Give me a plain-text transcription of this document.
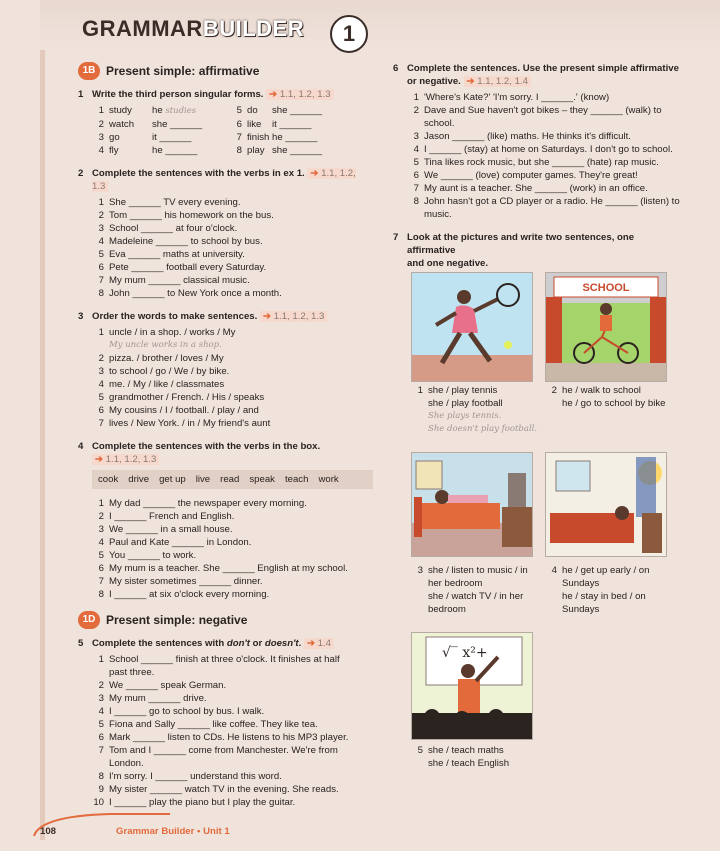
GRAMMARBUILDER	1
1B Present simple: affirmative
1 Write the third person singular forms. ➔ 1.1, 1.2, 1.3
1 study he studies	5 do she ______
2 watch she ______	6 like it ______
3 go	it ______	7 finish he ______
4 fly	he ______	8 play she ______
2 Complete the sentences with the verbs in ex 1. ➔ 1.1, 1.2, 1.3
1 She ______ TV every evening.
2 Tom ______ his homework on the bus.
3 School ______ at four o'clock.
4 Madeleine ______ to school by bus.
5 Eva ______ maths at university.
6 Pete ______ football every Saturday.
7 My mum ______ classical music.
8 John ______ to New York once a month.
3 Order the words to make sentences. ➔ 1.1, 1.2, 1.3
1 uncle / in a shop. / works / My
My uncle works in a shop.
2 pizza. / brother / loves / My
3 to school / go / We / by bike.
4 me. / My / like / classmates
5 grandmother / French. / His / speaks
6 My cousins / I / football. / play / and
7 lives / New York. / in / My friend's aunt
4 Complete the sentences with the verbs in the box.
➔ 1.1, 1.2, 1.3
cook drive get up live read speak teach work
1 My dad ______ the newspaper every morning.
2 I ______ French and English.
3 We ______ in a small house.
4 Paul and Kate ______ in London.
5 You ______ to work.
6 My mum is a teacher. She ______ English at my school.
7 My sister sometimes ______ dinner.
8 I ______ at six o'clock every morning.
1D Present simple: negative
5 Complete the sentences with don't or doesn't. ➔ 1.4
1 School ______ finish at three o'clock. It finishes at half
past three.
2 We ______ speak German.
3 My mum ______ drive.
4 I ______ go to school by bus. I walk.
5 Fiona and Sally ______ like coffee. They like tea.
6 Mark ______ listen to CDs. He listens to his MP3 player.
7 Tom and I ______ come from Manchester. We're from
London.
8 I'm sorry. I ______ understand this word.
9 My sister ______ watch TV in the evening. She reads.
10 I ______ play the piano but I play the guitar.
6 Complete the sentences. Use the present simple affirmative
or negative. ➔ 1.1, 1.2, 1.4
1 'Where's Kate?' 'I'm sorry. I ______.' (know)
2 Dave and Sue haven't got bikes – they ______ (walk) to
school.
3 Jason ______ (like) maths. He thinks it's difficult.
4 I ______ (stay) at home on Saturdays. I don't go to school.
5 Tina likes rock music, but she ______ (hate) rap music.
6 We ______ (love) computer games. They're great!
7 My aunt is a teacher. She ______ (work) in an office.
8 John hasn't got a CD player or a radio. He ______ (listen) to
music.
7 Look at the pictures and write two sentences, one affirmative
and one negative.
SCHOOL
√‾ x²+
1 she / play tennis
she / play football
She plays tennis.
She doesn't play football.
2 he / walk to school
he / go to school by bike
3 she / listen to music / in
her bedroom
she / watch TV / in her
bedroom
4 he / get up early / on
Sundays
he / stay in bed / on
Sundays
5 she / teach maths
she / teach English
108	Grammar Builder • Unit 1
